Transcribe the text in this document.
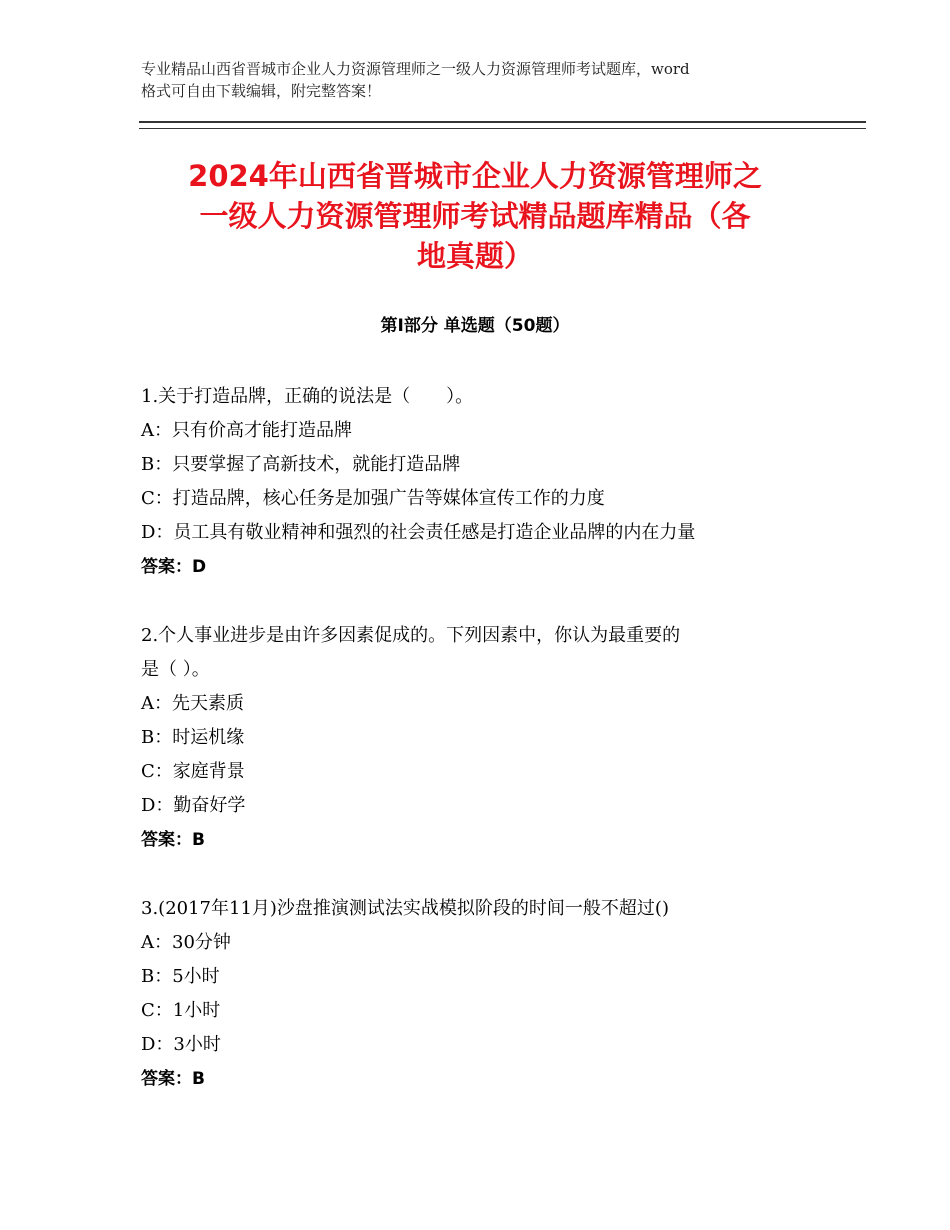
专业精品山西省晋城市企业人力资源管理师之一级人力资源管理师考试题库，word
格式可自由下载编辑，附完整答案！
2024年山西省晋城市企业人力资源管理师之
一级人力资源管理师考试精品题库精品（各
地真题）
第Ⅰ部分 单选题（50题）

1.关于打造品牌，正确的说法是（　　）。

A：只有价高才能打造品牌

B：只要掌握了高新技术，就能打造品牌

C：打造品牌，核心任务是加强广告等媒体宣传工作的力度

D：员工具有敬业精神和强烈的社会责任感是打造企业品牌的内在力量

答案：D

2.个人事业进步是由许多因素促成的。下列因素中，你认为最重要的

是（ ）。

A：先天素质

B：时运机缘

C：家庭背景

D：勤奋好学

答案：B

3.(2017年11月)沙盘推演测试法实战模拟阶段的时间一般不超过()

A：30分钟

B：5小时

C：1小时

D：3小时

答案：B
